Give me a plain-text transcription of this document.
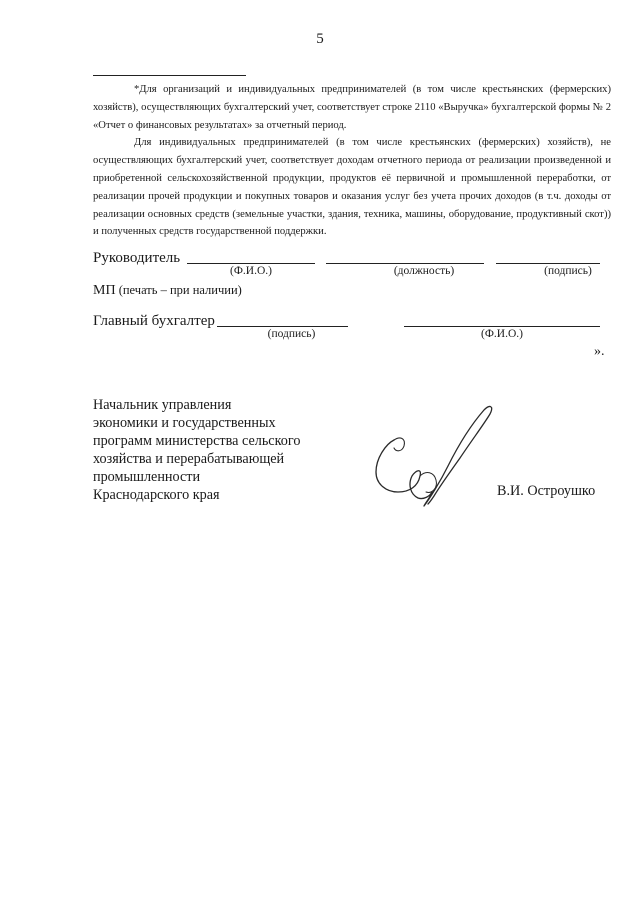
5

*Для организаций и индивидуальных предпринимателей (в том числе крестьянских (фермерских) хозяйств), осуществляющих бухгалтерский учет, соответствует строке 2110 «Выручка» бухгалтерской формы № 2 «Отчет о финансовых результатах» за отчетный период.

Для индивидуальных предпринимателей (в том числе крестьянских (фермерских) хозяйств), не осуществляющих бухгалтерский учет, соответствует доходам отчетного периода от реализации произведенной и приобретенной сельскохозяйственной продукции, продуктов её первичной и промышленной переработки, от реализации прочей продукции и покупных товаров и оказания услуг без учета прочих доходов (в т.ч. доходы от реализации основных средств (земельные участки, здания, техника, машины, оборудование, продуктивный скот)) и полученных средств государственной поддержки.

Руководитель
(Ф.И.О.)	(должность)	(подпись)
МП (печать – при наличии)
Главный бухгалтер
(подпись)	(Ф.И.О.)
».
Начальник управления
экономики и государственных
программ министерства сельского
хозяйства и перерабатывающей
промышленности
Краснодарского края	В.И. Остроушко
